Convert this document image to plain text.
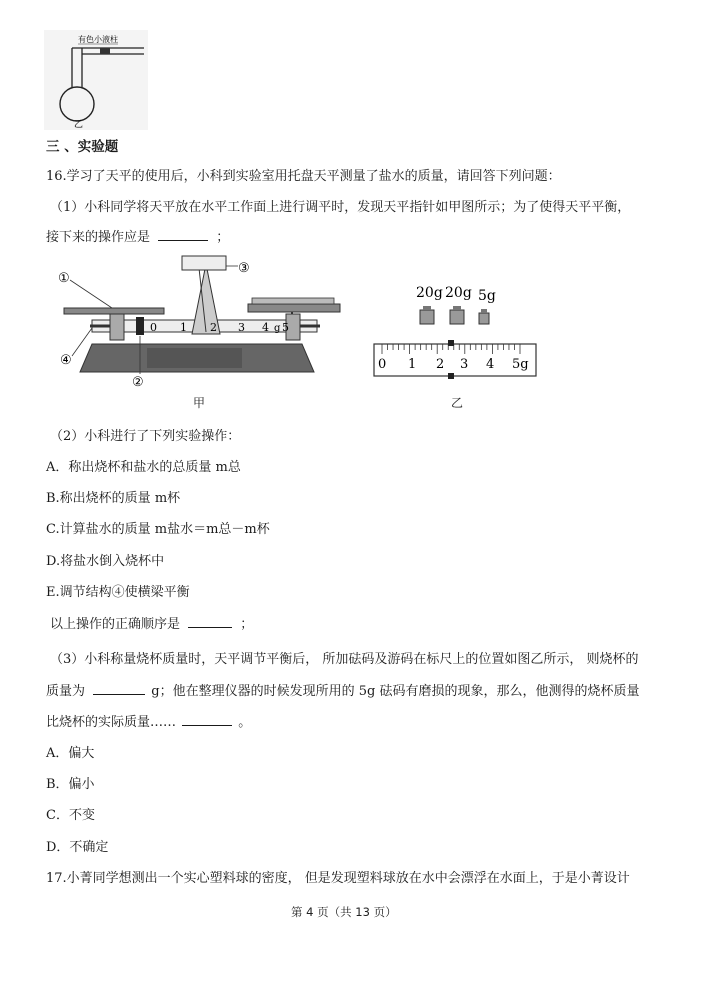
有色小液柱
乙
三 、实验题
16.学习了天平的使用后，小科到实验室用托盘天平测量了盐水的质量，请回答下列问题：
（1）小科同学将天平放在水平工作面上进行调平时，发现天平指针如甲图所示；为了使得天平平衡，
接下来的操作应是	；
0 1 2 3 4 g 5
①
②
③
④
甲
20g 20g 5g
0 1 2 3 4 5g
乙
（2）小科进行了下列实验操作：
A．称出烧杯和盐水的总质量 m总
B.称出烧杯的质量 m杯
C.计算盐水的质量 m盐水＝m总－m杯
D.将盐水倒入烧杯中
E.调节结构④使横梁平衡
以上操作的正确顺序是	；
（3）小科称量烧杯质量时，天平调节平衡后， 所加砝码及游码在标尺上的位置如图乙所示， 则烧杯的
质量为	g；他在整理仪器的时候发现所用的 5g 砝码有磨损的现象，那么，他测得的烧杯质量
比烧杯的实际质量……	。
A．偏大
B．偏小
C．不变
D．不确定
17.小菁同学想测出一个实心塑料球的密度， 但是发现塑料球放在水中会漂浮在水面上，于是小菁设计
第 4 页（共 13 页）
